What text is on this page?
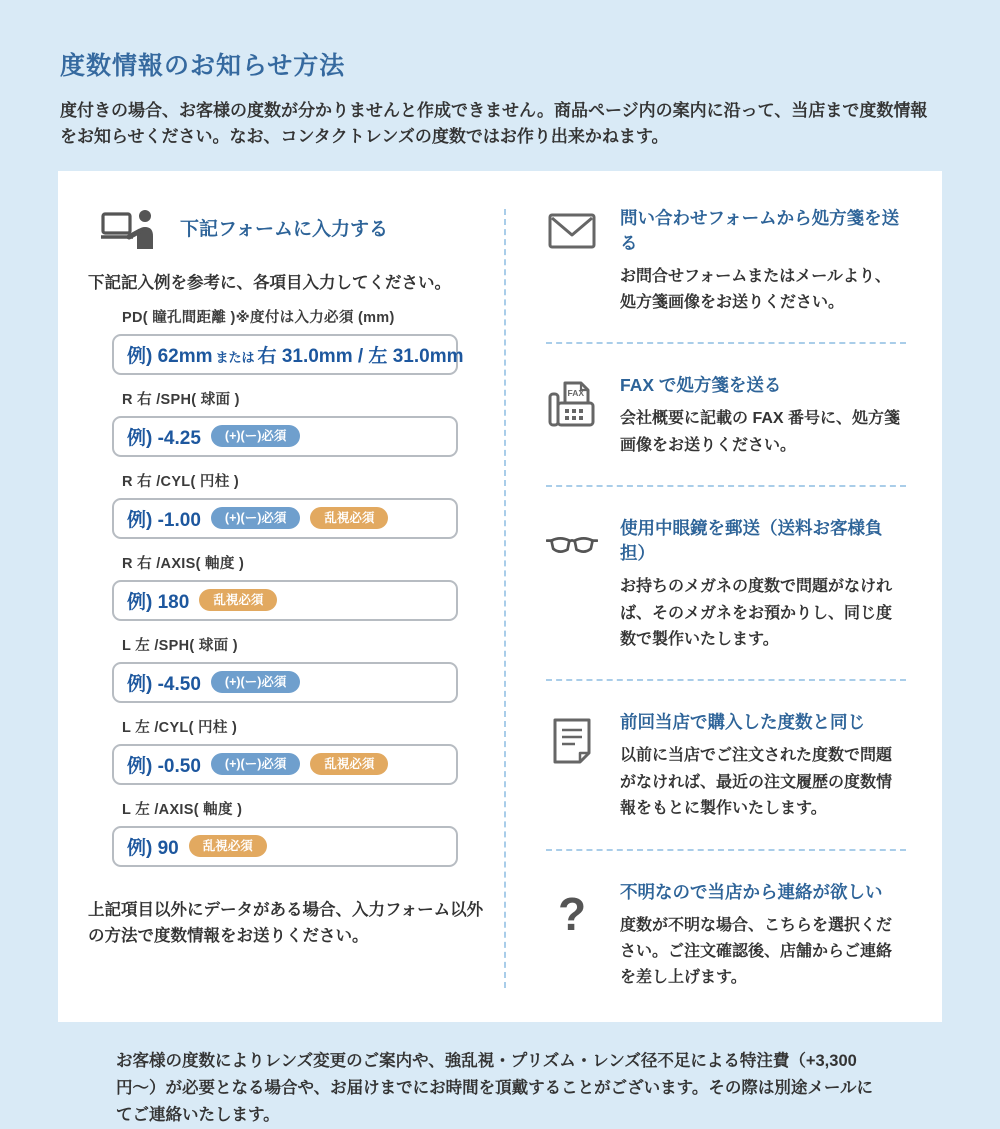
度数情報のお知らせ方法

度付きの場合、お客様の度数が分かりませんと作成できません。商品ページ内の案内に沿って、当店まで度数情報をお知らせください。なお、コンタクトレンズの度数ではお作り出来かねます。

下記フォームに入力する
下記記入例を参考に、各項目入力してください。
PD( 瞳孔間距離 )※度付は入力必須 (mm)
例) 62mm または 右 31.0mm / 左 31.0mm
R 右 /SPH( 球面 )
例) -4.25	(+)(ー)必須
R 右 /CYL( 円柱 )
例) -1.00	(+)(ー)必須	乱視必須
R 右 /AXIS( 軸度 )
例) 180	乱視必須
L 左 /SPH( 球面 )
例) -4.50	(+)(ー)必須
L 左 /CYL( 円柱 )
例) -0.50	(+)(ー)必須	乱視必須
L 左 /AXIS( 軸度 )
例) 90	乱視必須
上記項目以外にデータがある場合、入力フォーム以外の方法で度数情報をお送りください。
問い合わせフォームから処方箋を送る

お問合せフォームまたはメールより、処方箋画像をお送りください。

FAX FAX で処方箋を送る

会社概要に記載の FAX 番号に、処方箋画像をお送りください。

使用中眼鏡を郵送（送料お客様負担）

お持ちのメガネの度数で問題がなければ、そのメガネをお預かりし、同じ度数で製作いたします。

前回当店で購入した度数と同じ

以前に当店でご注文された度数で問題がなければ、最近の注文履歴の度数情報をもとに製作いたします。

? 不明なので当店から連絡が欲しい

度数が不明な場合、こちらを選択ください。ご注文確認後、店舗からご連絡を差し上げます。

お客様の度数によりレンズ変更のご案内や、強乱視・プリズム・レンズ径不足による特注費（+3,300 円〜）が必要となる場合や、お届けまでにお時間を頂戴することがございます。その際は別途メールにてご連絡いたします。
